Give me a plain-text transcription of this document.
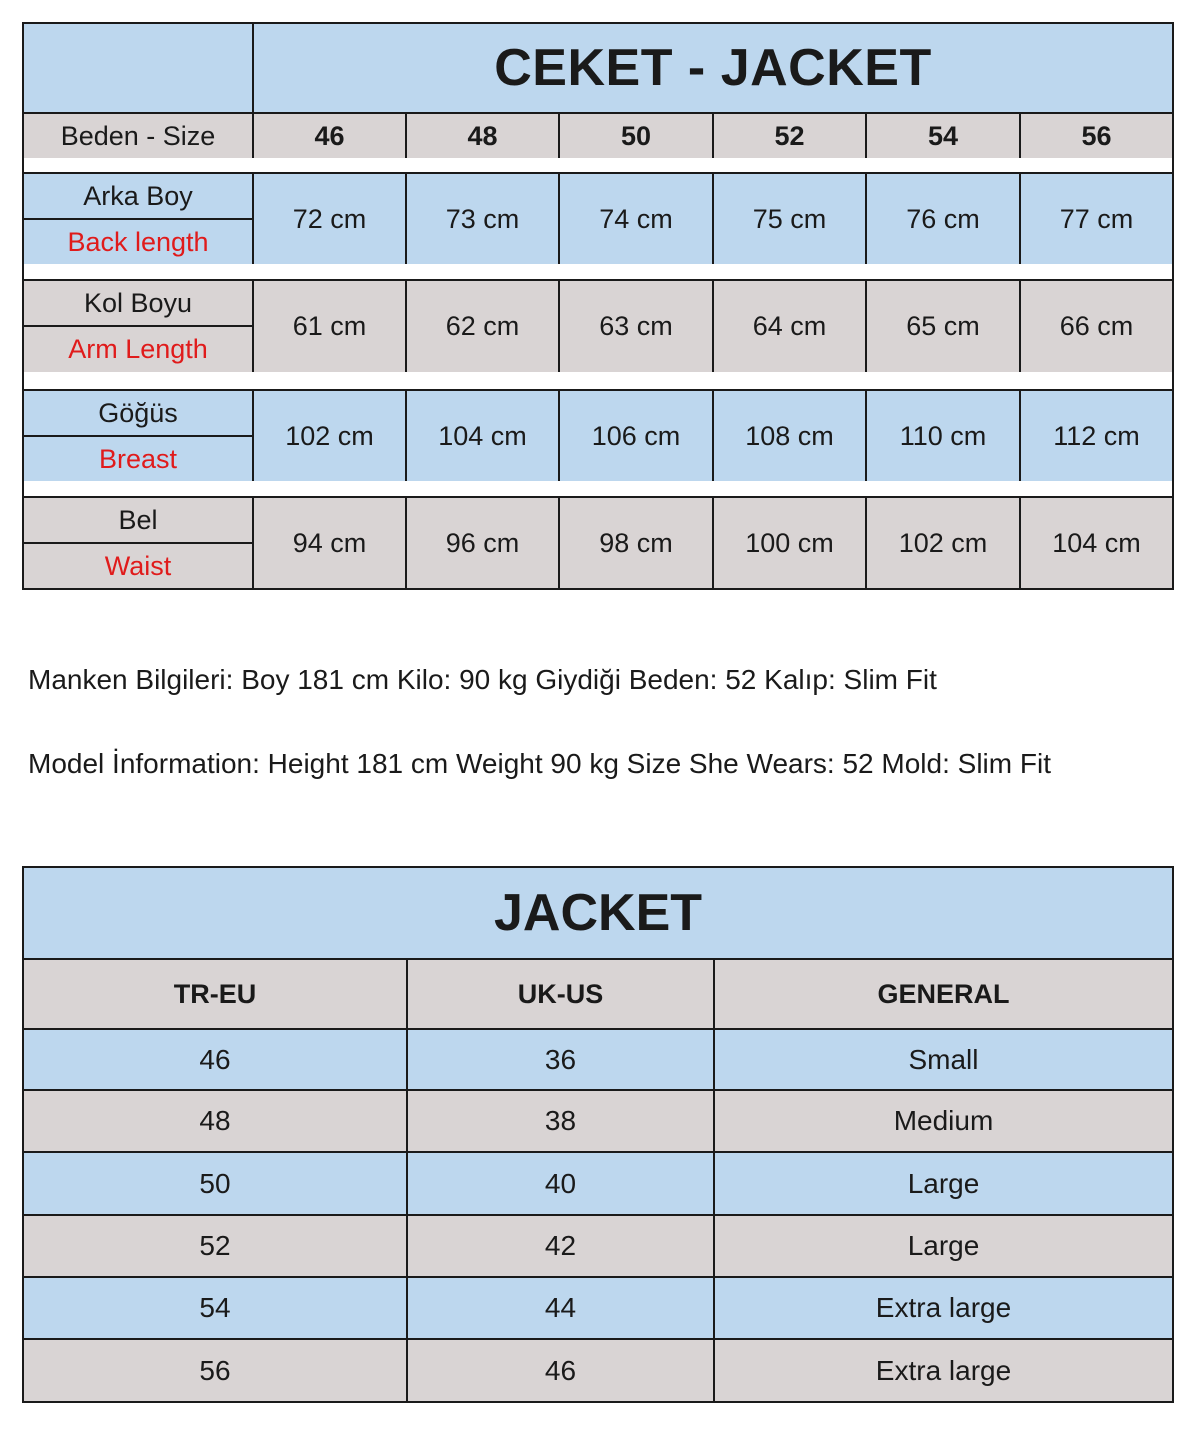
CEKET - JACKET
Beden - Size	46	48	50	52	54	56
Arka Boy
Back length
72 cm	73 cm	74 cm	75 cm	76 cm	77 cm
Kol Boyu
Arm Length
61 cm	62 cm	63 cm	64 cm	65 cm	66 cm
Göğüs
Breast
102 cm 104 cm 106 cm 108 cm 110 cm 112 cm
Bel
Waist
94 cm	96 cm	98 cm	100 cm 102 cm 104 cm
Manken Bilgileri: Boy 181 cm Kilo: 90 kg Giydiği Beden: 52 Kalıp: Slim Fit
Model İnformation: Height 181 cm Weight 90 kg Size She Wears: 52 Mold: Slim Fit
JACKET
TR-EU	UK-US	GENERAL
46	36	Small
48	38	Medium
50	40	Large
52	42	Large
54	44	Extra large
56	46	Extra large
